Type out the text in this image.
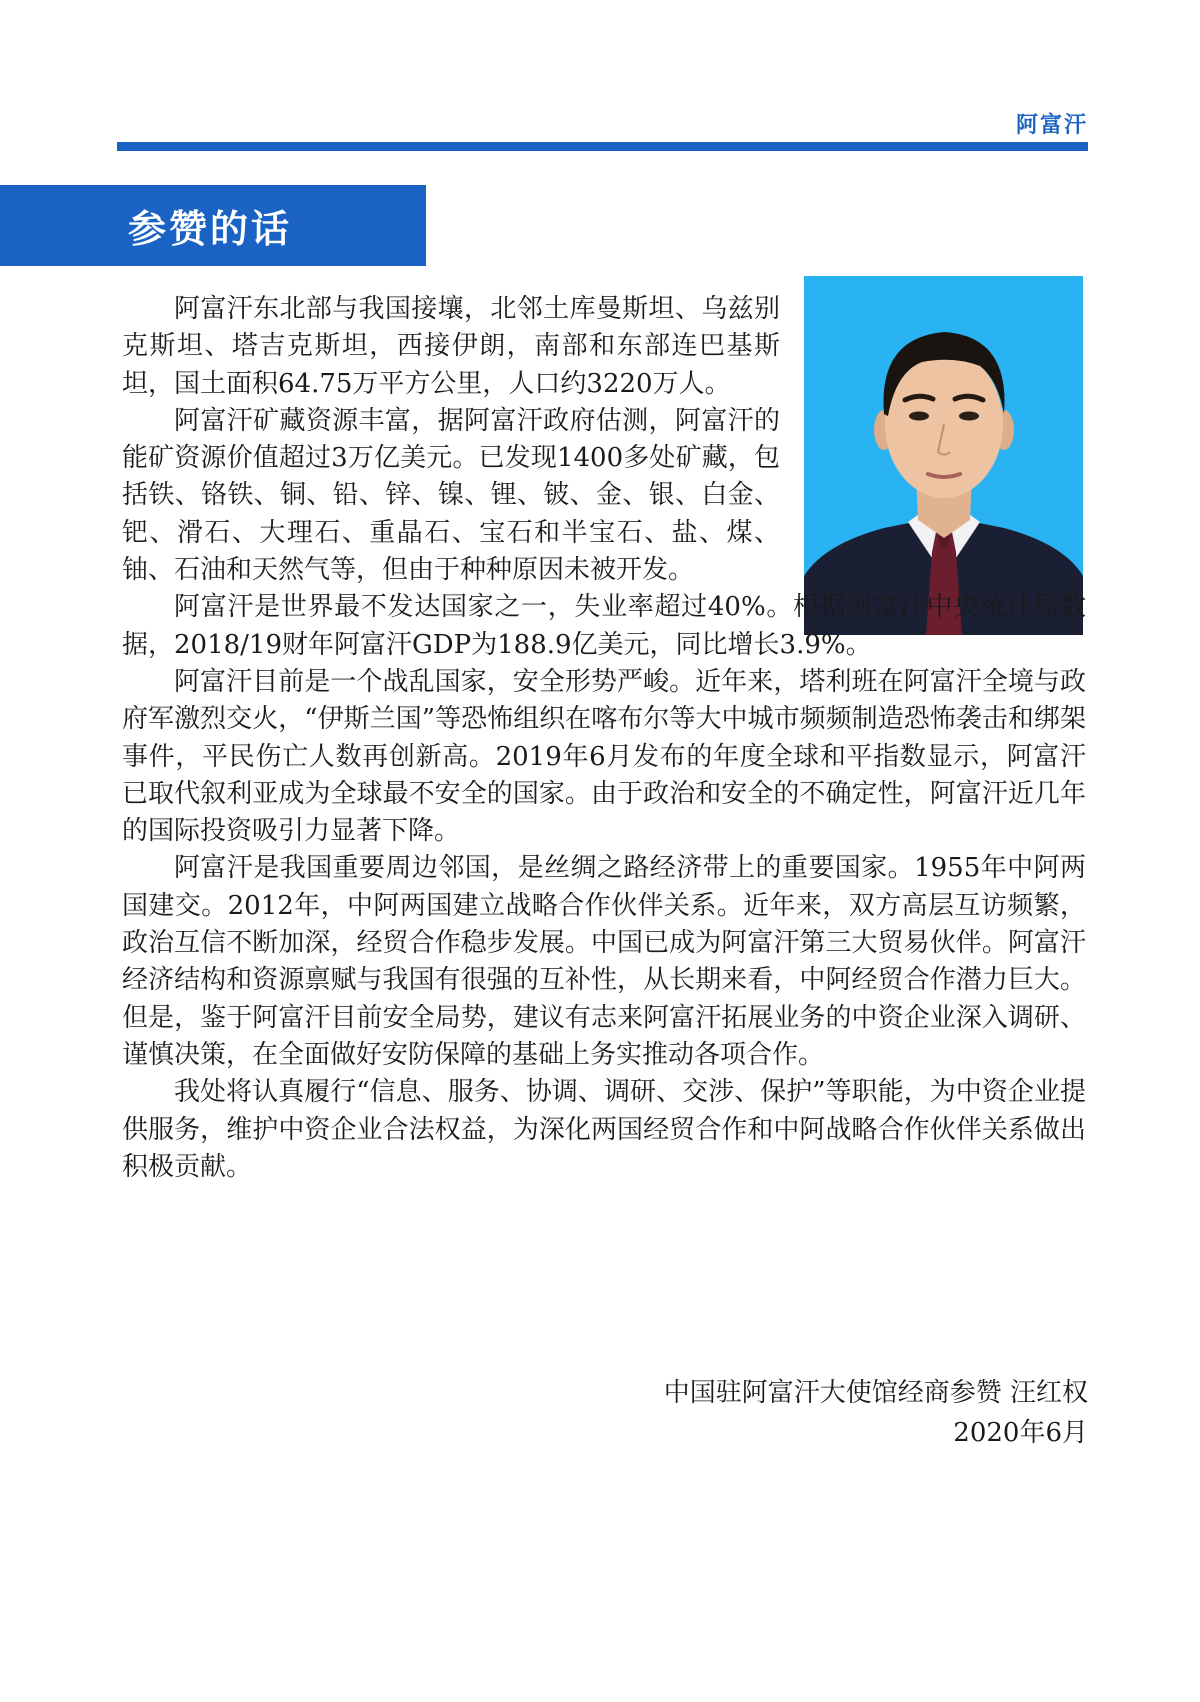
阿富汗
参赞的话

阿富汗东北部与我国接壤，北邻土库曼斯坦、乌兹别克斯坦、塔吉克斯坦，西接伊朗，南部和东部连巴基斯坦，国土面积64.75万平方公里，人口约3220万人。

阿富汗矿藏资源丰富，据阿富汗政府估测，阿富汗的能矿资源价值超过3万亿美元。已发现1400多处矿藏，包括铁、铬铁、铜、铅、锌、镍、锂、铍、金、银、白金、钯、滑石、大理石、重晶石、宝石和半宝石、盐、煤、铀、石油和天然气等，但由于种种原因未被开发。

阿富汗是世界最不发达国家之一，失业率超过40%。根据阿富汗中央统计局数据，2018/19财年阿富汗GDP为188.9亿美元，同比增长3.9%。

阿富汗目前是一个战乱国家，安全形势严峻。近年来，塔利班在阿富汗全境与政府军激烈交火，“伊斯兰国”等恐怖组织在喀布尔等大中城市频频制造恐怖袭击和绑架事件，平民伤亡人数再创新高。2019年6月发布的年度全球和平指数显示，阿富汗已取代叙利亚成为全球最不安全的国家。由于政治和安全的不确定性，阿富汗近几年的国际投资吸引力显著下降。

阿富汗是我国重要周边邻国，是丝绸之路经济带上的重要国家。1955年中阿两国建交。2012年，中阿两国建立战略合作伙伴关系。近年来，双方高层互访频繁，政治互信不断加深，经贸合作稳步发展。中国已成为阿富汗第三大贸易伙伴。阿富汗经济结构和资源禀赋与我国有很强的互补性，从长期来看，中阿经贸合作潜力巨大。但是，鉴于阿富汗目前安全局势，建议有志来阿富汗拓展业务的中资企业深入调研、谨慎决策，在全面做好安防保障的基础上务实推动各项合作。

我处将认真履行“信息、服务、协调、调研、交涉、保护”等职能，为中资企业提供服务，维护中资企业合法权益，为深化两国经贸合作和中阿战略合作伙伴关系做出积极贡献。

中国驻阿富汗大使馆经商参赞 汪红权
2020年6月
